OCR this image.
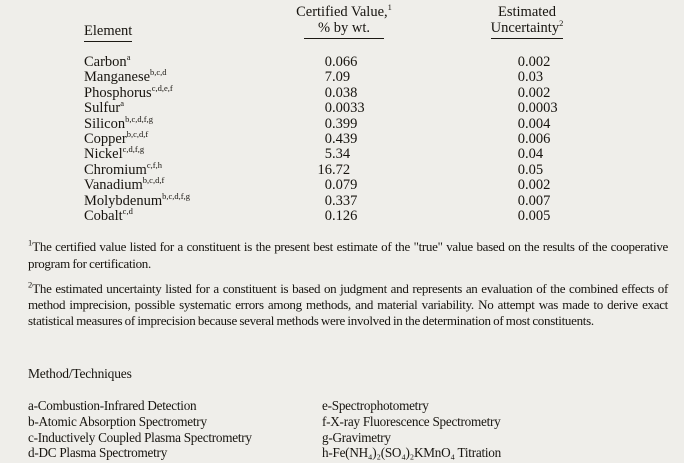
Certified Value,$^1$	Estimated
Element	% by wt.	Uncertainty$^2$
Carbon$^a$	0.066	0.002
Manganese$^{b,c,d}$	7.09	0.03
Phosphorus$^{c,d,e,f}$	0.038	0.002
Sulfur$^a$	0.0033	0.0003
Silicon$^{b,c,d,f,g}$	0.399	0.004
Copper$^{b,c,d,f}$	0.439	0.006
Nickel$^{c,d,f,g}$	5.34	0.04
Chromium$^{c,f,h}$	16.72	0.05
Vanadium$^{b,c,d,f}$	0.079	0.002
Molybdenum$^{b,c,d,f,g}$	0.337	0.007
Cobalt$^{c,d}$	0.126	0.005

$^1$The certified value listed for a constituent is the present best estimate of the "true" value based on the results of the cooperative program for certification.

$^2$The estimated uncertainty listed for a constituent is based on judgment and represents an evaluation of the combined effects of method imprecision, possible systematic errors among methods, and material variability. No attempt was made to derive exact statistical measures of imprecision because several methods were involved in the determination of most constituents.

Method/Techniques
a-Combustion-Infrared Detection	e-Spectrophotometry
b-Atomic Absorption Spectrometry	f-X-ray Fluorescence Spectrometry
c-Inductively Coupled Plasma Spectrometry	g-Gravimetry
d-DC Plasma Spectrometry	h-Fe(NH₄)₂(SO₄)₂KMnO₄ Titration
